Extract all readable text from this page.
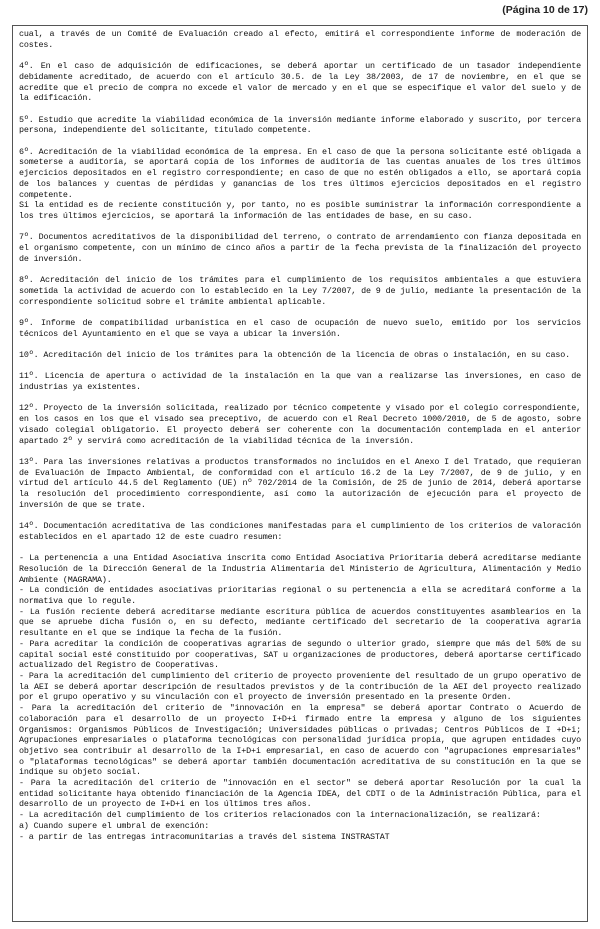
(Página 10 de 17)

cual, a través de un Comité de Evaluación creado al efecto, emitirá el correspondiente informe de moderación de costes.

4º. En el caso de adquisición de edificaciones, se deberá aportar un certificado de un tasador independiente debidamente acreditado, de acuerdo con el artículo 30.5. de la Ley 38/2003, de 17 de noviembre, en el que se acredite que el precio de compra no excede el valor de mercado y en el que se especifique el valor del suelo y de la edificación.

5º. Estudio que acredite la viabilidad económica de la inversión mediante informe elaborado y suscrito, por tercera persona, independiente del solicitante, titulado competente.

6º. Acreditación de la viabilidad económica de la empresa. En el caso de que la persona solicitante esté obligada a someterse a auditoría, se aportará copia de los informes de auditoría de las cuentas anuales de los tres últimos ejercicios depositados en el registro correspondiente; en caso de que no estén obligados a ello, se aportará copia de los balances y cuentas de pérdidas y ganancias de los tres últimos ejercicios depositados en el registro competente.

Si la entidad es de reciente constitución y, por tanto, no es posible suministrar la información correspondiente a los tres últimos ejercicios, se aportará la información de las entidades de base, en su caso.

7º. Documentos acreditativos de la disponibilidad del terreno, o contrato de arrendamiento con fianza depositada en el organismo competente, con un mínimo de cinco años a partir de la fecha prevista de la finalización del proyecto de inversión.

8º. Acreditación del inicio de los trámites para el cumplimiento de los requisitos ambientales a que estuviera sometida la actividad de acuerdo con lo establecido en la Ley 7/2007, de 9 de julio, mediante la presentación de la correspondiente solicitud sobre el trámite ambiental aplicable.

9º. Informe de compatibilidad urbanística en el caso de ocupación de nuevo suelo, emitido por los servicios técnicos del Ayuntamiento en el que se vaya a ubicar la inversión.

10º. Acreditación del inicio de los trámites para la obtención de la licencia de obras o instalación, en su caso.

11º. Licencia de apertura o actividad de la instalación en la que van a realizarse las inversiones, en caso de industrias ya existentes.

12º. Proyecto de la inversión solicitada, realizado por técnico competente y visado por el colegio correspondiente, en los casos en los que el visado sea preceptivo, de acuerdo con el Real Decreto 1000/2010, de 5 de agosto, sobre visado colegial obligatorio. El proyecto deberá ser coherente con la documentación contemplada en el anterior apartado 2º y servirá como acreditación de la viabilidad técnica de la inversión.

13º. Para las inversiones relativas a productos transformados no incluidos en el Anexo I del Tratado, que requieran de Evaluación de Impacto Ambiental, de conformidad con el artículo 16.2 de la Ley 7/2007, de 9 de julio, y en virtud del artículo 44.5 del Reglamento (UE) nº 702/2014 de la Comisión, de 25 de junio de 2014, deberá aportarse la resolución del procedimiento correspondiente, así como la autorización de ejecución para el proyecto de inversión de que se trate.

14º. Documentación acreditativa de las condiciones manifestadas para el cumplimiento de los criterios de valoración establecidos en el apartado 12 de este cuadro resumen:

- La pertenencia a una Entidad Asociativa inscrita como Entidad Asociativa Prioritaria deberá acreditarse mediante Resolución de la Dirección General de la Industria Alimentaria del Ministerio de Agricultura, Alimentación y Medio Ambiente (MAGRAMA).

- La condición de entidades asociativas prioritarias regional o su pertenencia a ella se acreditará conforme a la normativa que lo regule.

- La fusión reciente deberá acreditarse mediante escritura pública de acuerdos constituyentes asamblearios en la que se apruebe dicha fusión o, en su defecto, mediante certificado del secretario de la cooperativa agraria resultante en el que se indique la fecha de la fusión.

- Para acreditar la condición de cooperativas agrarias de segundo o ulterior grado, siempre que más del 50% de su capital social esté constituido por cooperativas, SAT u organizaciones de productores, deberá aportarse certificado actualizado del Registro de Cooperativas.

- Para la acreditación del cumplimiento del criterio de proyecto proveniente del resultado de un grupo operativo de la AEI se deberá aportar descripción de resultados previstos y de la contribución de la AEI del proyecto realizado por el grupo operativo y su vinculación con el proyecto de inversión presentado en la presente Orden.

- Para la acreditación del criterio de "innovación en la empresa" se deberá aportar Contrato o Acuerdo de colaboración para el desarrollo de un proyecto I+D+i firmado entre la empresa y alguno de los siguientes Organismos: Organismos Públicos de Investigación; Universidades públicas o privadas; Centros Públicos de I +D+i; Agrupaciones empresariales o plataforma tecnológicas con personalidad jurídica propia, que agrupen entidades cuyo objetivo sea contribuir al desarrollo de la I+D+i empresarial, en caso de acuerdo con "agrupaciones empresariales" o "plataformas tecnológicas" se deberá aportar también documentación acreditativa de su constitución en la que se indique su objeto social.

- Para la acreditación del criterio de "innovación en el sector" se deberá aportar Resolución por la cual la entidad solicitante haya obtenido financiación de la Agencia IDEA, del CDTI o de la Administración Pública, para el desarrollo de un proyecto de I+D+i en los últimos tres años.

- La acreditación del cumplimiento de los criterios relacionados con la internacionalización, se realizará:

a) Cuando supere el umbral de exención:

- a partir de las entregas intracomunitarias a través del sistema INSTRASTAT
